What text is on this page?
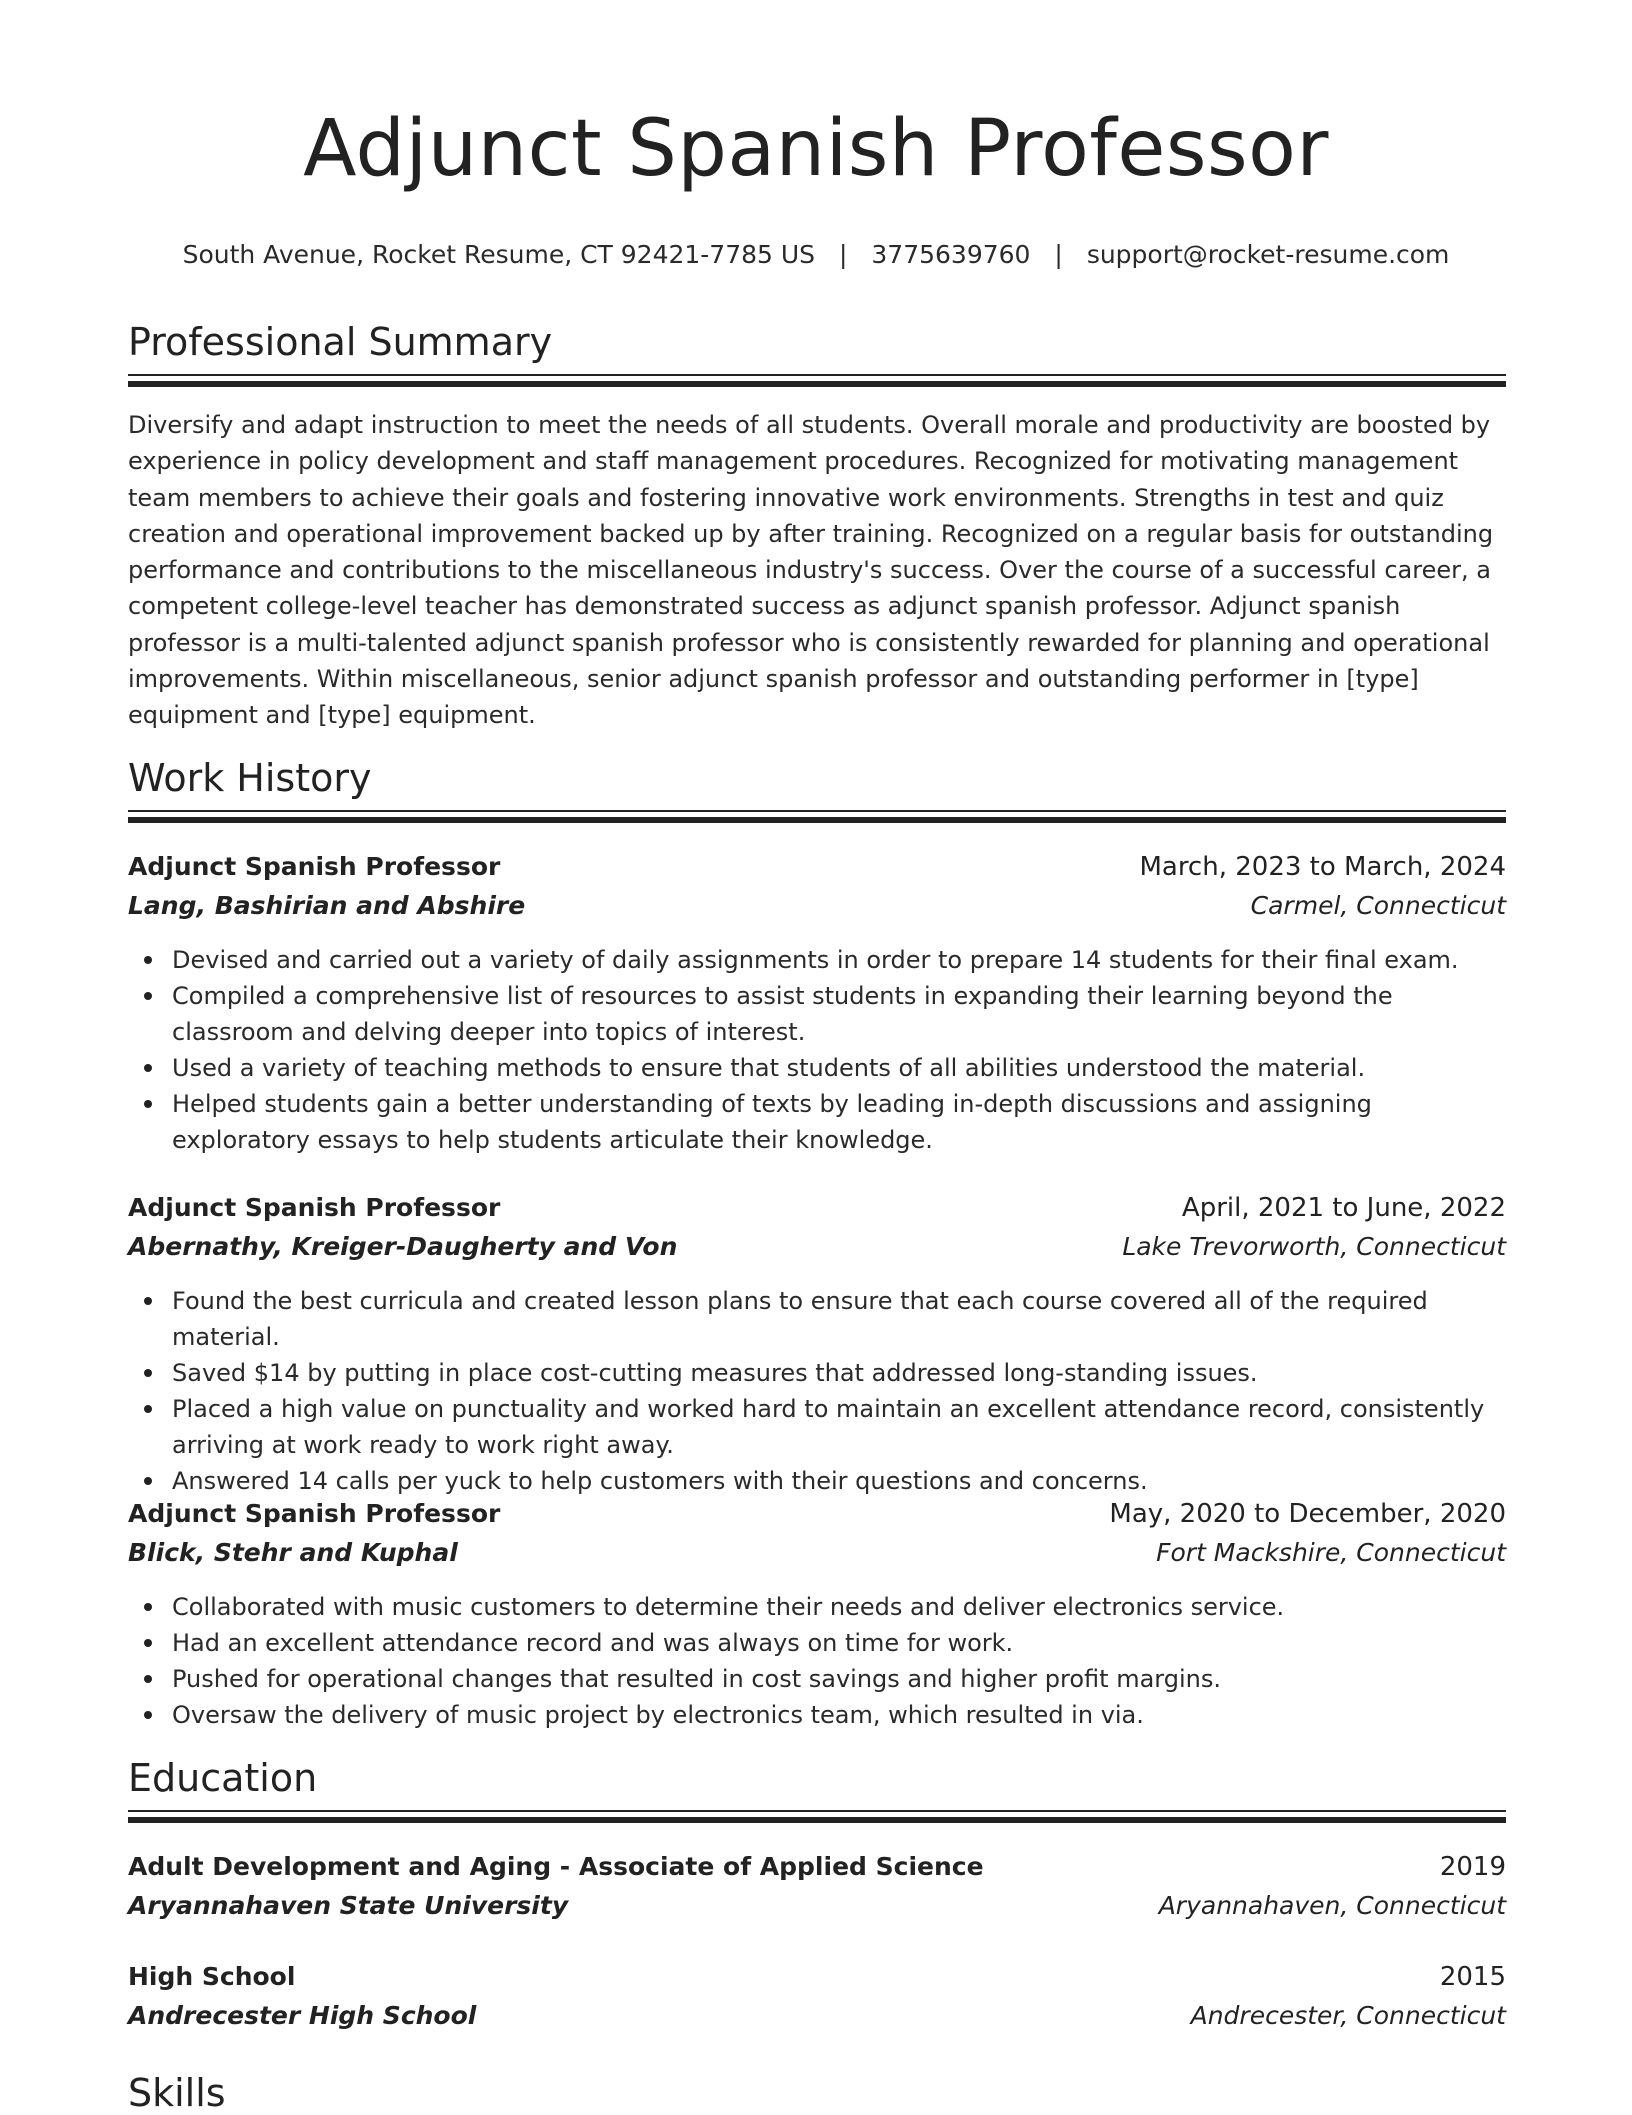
Adjunct Spanish Professor
South Avenue, Rocket Resume, CT 92421-7785 US | 3775639760 | support@rocket-resume.com
Professional Summary

Diversify and adapt instruction to meet the needs of all students. Overall morale and productivity are boosted by experience in policy development and staff management procedures. Recognized for motivating management team members to achieve their goals and fostering innovative work environments. Strengths in test and quiz creation and operational improvement backed up by after training. Recognized on a regular basis for outstanding performance and contributions to the miscellaneous industry's success. Over the course of a successful career, a competent college-level teacher has demonstrated success as adjunct spanish professor. Adjunct spanish professor is a multi-talented adjunct spanish professor who is consistently rewarded for planning and operational improvements. Within miscellaneous, senior adjunct spanish professor and outstanding performer in [type] equipment and [type] equipment.

Work History
Adjunct Spanish Professor	March, 2023 to March, 2024
Lang, Bashirian and Abshire	Carmel, Connecticut
Devised and carried out a variety of daily assignments in order to prepare 14 students for their final exam.
Compiled a comprehensive list of resources to assist students in expanding their learning beyond the classroom and delving deeper into topics of interest.
Used a variety of teaching methods to ensure that students of all abilities understood the material.
Helped students gain a better understanding of texts by leading in-depth discussions and assigning exploratory essays to help students articulate their knowledge.
Adjunct Spanish Professor	April, 2021 to June, 2022
Abernathy, Kreiger-Daugherty and Von	Lake Trevorworth, Connecticut
Found the best curricula and created lesson plans to ensure that each course covered all of the required material.
Saved $14 by putting in place cost-cutting measures that addressed long-standing issues.
Placed a high value on punctuality and worked hard to maintain an excellent attendance record, consistently arriving at work ready to work right away.
Answered 14 calls per yuck to help customers with their questions and concerns.
Adjunct Spanish Professor	May, 2020 to December, 2020
Blick, Stehr and Kuphal	Fort Mackshire, Connecticut
Collaborated with music customers to determine their needs and deliver electronics service.
Had an excellent attendance record and was always on time for work.
Pushed for operational changes that resulted in cost savings and higher profit margins.
Oversaw the delivery of music project by electronics team, which resulted in via.
Education
Adult Development and Aging - Associate of Applied Science	2019
Aryannahaven State University	Aryannahaven, Connecticut
High School	2015
Andrecester High School	Andrecester, Connecticut
Skills
